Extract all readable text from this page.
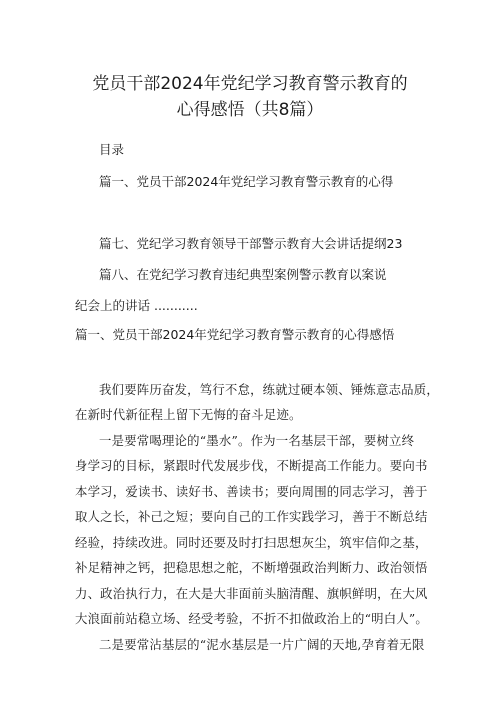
党员干部2024年党纪学习教育警示教育的
心得感悟（共8篇）
目录
篇一、党员干部2024年党纪学习教育警示教育的心得
篇七、党纪学习教育领导干部警示教育大会讲话提纲23
篇八、在党纪学习教育违纪典型案例警示教育以案说
纪会上的讲话 ...........
篇一、党员干部2024年党纪学习教育警示教育的心得感悟
我们要阵历奋发，笃行不怠，练就过硬本领、锤炼意志品质，
在新时代新征程上留下无悔的奋斗足迹。
一是要常喝理论的“墨水”。作为一名基层干部，要树立终
身学习的目标，紧跟时代发展步伐，不断提高工作能力。要向书
本学习，爱读书、读好书、善读书；要向周围的同志学习，善于
取人之长，补己之短；要向自己的工作实践学习，善于不断总结
经验，持续改进。同时还要及时打扫思想灰尘，筑牢信仰之基，
补足精神之钙，把稳思想之舵，不断增强政治判断力、政治领悟
力、政治执行力，在大是大非面前头脑清醒、旗帜鲜明，在大风
大浪面前站稳立场、经受考验，不折不扣做政治上的“明白人”。
二是要常沾基层的“泥水基层是一片广阔的天地,孕育着无限
